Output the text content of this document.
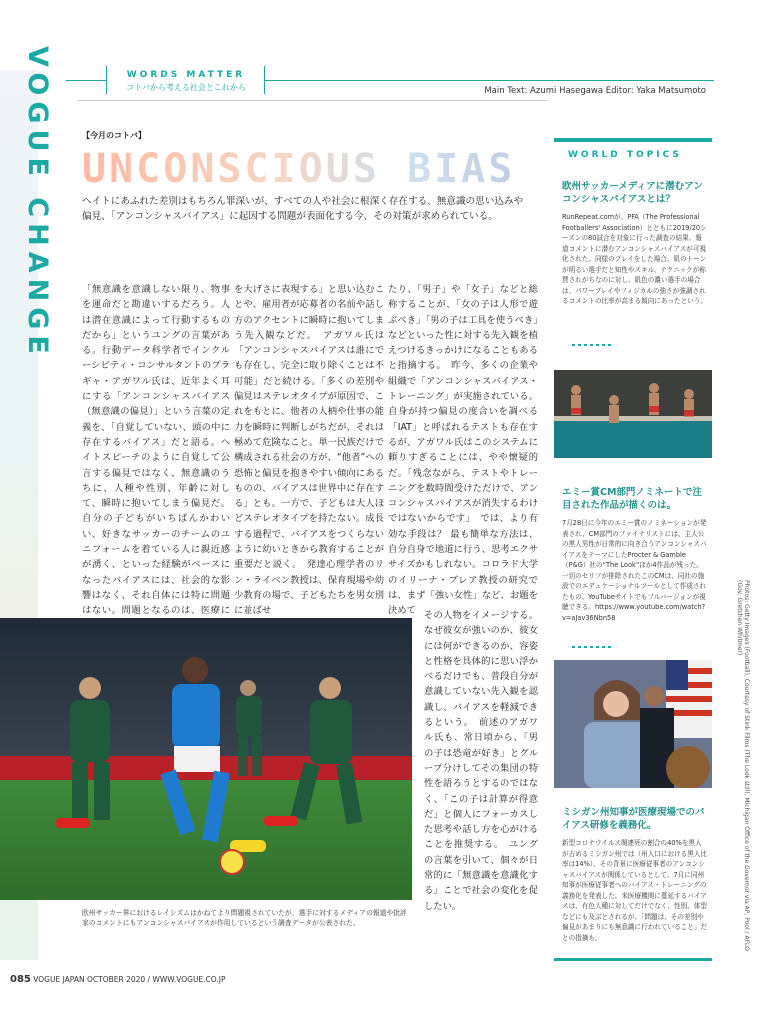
VOGUE CHANGE	WORDS MATTER
コトバから考える社会とこれから	Main Text: Azumi Hasegawa Editor: Yaka Matsumoto
【今月のコトバ】
UNCONSCIOUS BIAS
ヘイトにあふれた差別はもちろん罪深いが、すべての人や社会に根深く存在する、無意識の思い込みや偏見、「アンコンシャスバイアス」に起因する問題が表面化する今、その対策が求められている。
「無意識を意識しない限り、物事を運命だと勘違いするだろう。人は潜在意識によって行動するものだから」というユングの言葉がある。行動データ科学者でインクルーシビティ・コンサルタントのプラギャ・アガワル氏は、近年よく耳にする「アンコンシャスバイアス（無意識の偏見）」という言葉の定義を、「自覚していない、頭の中に存在するバイアス」だと語る。ヘイトスピーチのように自覚して公言する偏見ではなく、無意識のうちに、人種や性別、年齢に対して、瞬時に抱いてしまう偏見だ。自分の子どもがいちばんかわいい、好きなサッカーのチームのユニフォームを着ている人に親近感が湧く、といった経験がベースになったバイアスには、社会的な影響はなく、それ自体には特に問題はない。問題となるのは、医療に
を大げさに表現する」と思い込むことや、雇用者が応募者の名前や話し方のアクセントに瞬時に抱いてしまう先入観などだ。　アガワル氏は「アンコンシャスバイアスは誰にでも存在し、完全に取り除くことは不可能」だと続ける。「多くの差別や偏見はステレオタイプが原因で、これをもとに、他者の人柄や仕事の能力を瞬時に判断しがちだが、それは極めて危険なこと。単一民族だけで構成される社会の方が、“他者”への恐怖と偏見を抱きやすい傾向にあるものの、バイアスは世界中に存在する」とも。一方で、子どもは大人ほどステレオタイプを持たない。成長する過程で、バイアスをつくらないように幼いときから教育することが重要だと説く。　発達心理学者のリン・ライベン教授は、保育現場や幼少教育の場で、子どもたちを男女別に並ばせ
たり、「男子」や「女子」などと総称することが、「女の子は人形で遊ぶべき」「男の子は工具を使うべき」などといった性に対する先入観を植えつけるきっかけになることもあると指摘する。　昨今、多くの企業や組織で「アンコンシャスバイアス・トレーニング」が実施されている。自身が持つ偏見の度合いを調べる「IAT」と呼ばれるテストも存在するが、アガワル氏はこのシステムに頼りすぎることには、やや懐疑的だ。「残念ながら、テストやトレーニングを数時間受けただけで、アンコンシャスバイアスが消失するわけではないからです」　では、より有効な手段は？ 最も簡単な方法は、自分自身で地道に行う、思考エクササイズかもしれない。コロラド大学のイリーナ・ブレア教授の研究では、まず「強い女性」など、お題を決めて その人物をイメージする。なぜ彼女が強いのか、彼女には何ができるのか、容姿と性格を具体的に思い浮かべるだけでも、普段自分が意識していない先入観を認識し、バイアスを軽減できるという。　前述のアガワル氏も、常日頃から、「男の子は恐竜が好き」とグループ分けしてその集団の特性を語ろうとするのではなく、「この子は計算が得意だ」と個人にフォーカスした思考や話し方を心がけることを推奨する。　ユングの言葉を引いて、個々が日常的に「無意識を意識化する」ことで社会の変化を促したい。
欧州サッカー界におけるレイシズムはかねてより問題視されていたが、選手に対するメディアの報道や批評家のコメントにもアンコンシャスバイアスが作用しているという調査データが公表された。
WORLD TOPICS
欧州サッカーメディアに潜むアンコンシャスバイアスとは？

RunRepeat.comが、PFA（The Professional Footballers' Association）とともに2019/20シーズンの80試合を対象に行った調査の結果、報道コメントに潜むアンコンシャスバイアスが可視化された。同様のプレイをした場合、肌のトーンが明るい選手だと知性やスキル、テクニックが称賛されがちなのに対し、肌色の濃い選手の場合は、パワーブレイやフィジカルの強さが強調されるコメントの比率が高まる傾向にあったという。

エミー賞CM部門ノミネートで注目された作品が描くのは。

7月28日に今年のエミー賞のノミネーションが発表され、CM部門のファイナリストには、主人公の黒人男性が日常的に向き合うアンコンシャスバイアスをテーマにしたProcter & Gamble（P&G）社の“The Look”ほか4作品が残った。一切のセリフが排除されたこのCMは、同社の施設でのエデュケーショナルツールとして作成されたもの。YouTubeサイトでもフルバージョンが視聴できる。https://www.youtube.com/watch?v=aJav36Nbn58

ミシガン州知事が医療現場でのバイアス研修を義務化。

新型コロナウイルス関連死の割合の40%を黒人が占めるミシガン州では（州人口における黒人比率は14%）、その背景に医療従事者のアンコンシャスバイアスが関係しているとして、7月に同州知事が医療従事者へのバイアス・トレーニングの義務化を発表した。米医療機関に蔓延するバイアスは、有色人種に対してだけでなく、性別、体型などにも及ぶとされるが、「問題は、その差別や偏見があまりにも無意識に行われていること」だとの指摘も。	Photos: Getty Images (Football), Courtesy of Stink Films (The Look still), Michigan Office of the Governor via AP, Pool / AFLO (Gov. Gretchen Whitmer)
085 VOGUE JAPAN OCTOBER 2020 / WWW.VOGUE.CO.JP
